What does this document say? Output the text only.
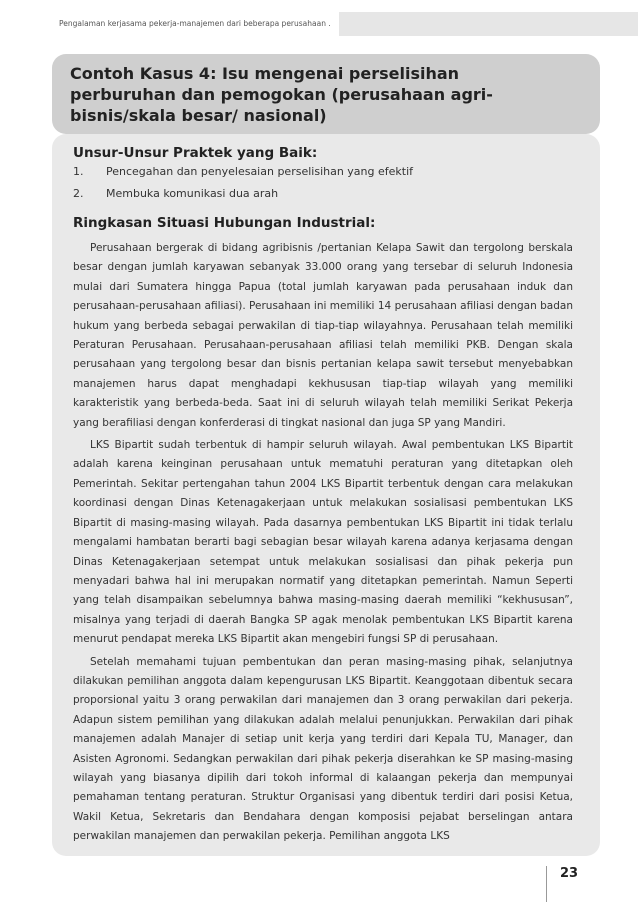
Pengalaman kerjasama pekerja-manajemen dari beberapa perusahaan .
Contoh Kasus 4: Isu mengenai perselisihan perburuhan dan pemogokan (perusahaan agri-bisnis/skala besar/ nasional)
Unsur-Unsur Praktek yang Baik:
1. Pencegahan dan penyelesaian perselisihan yang efektif
2. Membuka komunikasi dua arah
Ringkasan Situasi Hubungan Industrial:

Perusahaan bergerak di bidang agribisnis /pertanian Kelapa Sawit dan tergolong berskala besar dengan jumlah karyawan sebanyak 33.000 orang yang tersebar di seluruh Indonesia mulai dari Sumatera hingga Papua (total jumlah karyawan pada perusahaan induk dan perusahaan-perusahaan afiliasi). Perusahaan ini memiliki 14 perusahaan afiliasi dengan badan hukum yang berbeda sebagai perwakilan di tiap-tiap wilayahnya. Perusahaan telah memiliki Peraturan Perusahaan. Perusahaan-perusahaan afiliasi telah memiliki PKB. Dengan skala perusahaan yang tergolong besar dan bisnis pertanian kelapa sawit tersebut menyebabkan manajemen harus dapat menghadapi kekhususan tiap-tiap wilayah yang memiliki karakteristik yang berbeda-beda. Saat ini di seluruh wilayah telah memiliki Serikat Pekerja yang berafiliasi dengan konferderasi di tingkat nasional dan juga SP yang Mandiri.

LKS Bipartit sudah terbentuk di hampir seluruh wilayah. Awal pembentukan LKS Bipartit adalah karena keinginan perusahaan untuk mematuhi peraturan yang ditetapkan oleh Pemerintah. Sekitar pertengahan tahun 2004 LKS Bipartit terbentuk dengan cara melakukan koordinasi dengan Dinas Ketenagakerjaan untuk melakukan sosialisasi pembentukan LKS Bipartit di masing-masing wilayah. Pada dasarnya pembentukan LKS Bipartit ini tidak terlalu mengalami hambatan berarti bagi sebagian besar wilayah karena adanya kerjasama dengan Dinas Ketenagakerjaan setempat untuk melakukan sosialisasi dan pihak pekerja pun menyadari bahwa hal ini merupakan normatif yang ditetapkan pemerintah. Namun Seperti yang telah disampaikan sebelumnya bahwa masing-masing daerah memiliki “kekhususan”, misalnya yang terjadi di daerah Bangka SP agak menolak pembentukan LKS Bipartit karena menurut pendapat mereka LKS Bipartit akan mengebiri fungsi SP di perusahaan.

Setelah memahami tujuan pembentukan dan peran masing-masing pihak, selanjutnya dilakukan pemilihan anggota dalam kepengurusan LKS Bipartit. Keanggotaan dibentuk secara proporsional yaitu 3 orang perwakilan dari manajemen dan 3 orang perwakilan dari pekerja. Adapun sistem pemilihan yang dilakukan adalah melalui penunjukkan. Perwakilan dari pihak manajemen adalah Manajer di setiap unit kerja yang terdiri dari Kepala TU, Manager, dan Asisten Agronomi. Sedangkan perwakilan dari pihak pekerja diserahkan ke SP masing-masing wilayah yang biasanya dipilih dari tokoh informal di kalaangan pekerja dan mempunyai pemahaman tentang peraturan. Struktur Organisasi yang dibentuk terdiri dari posisi Ketua, Wakil Ketua, Sekretaris dan Bendahara dengan komposisi pejabat berselingan antara perwakilan manajemen dan perwakilan pekerja. Pemilihan anggota LKS

23
